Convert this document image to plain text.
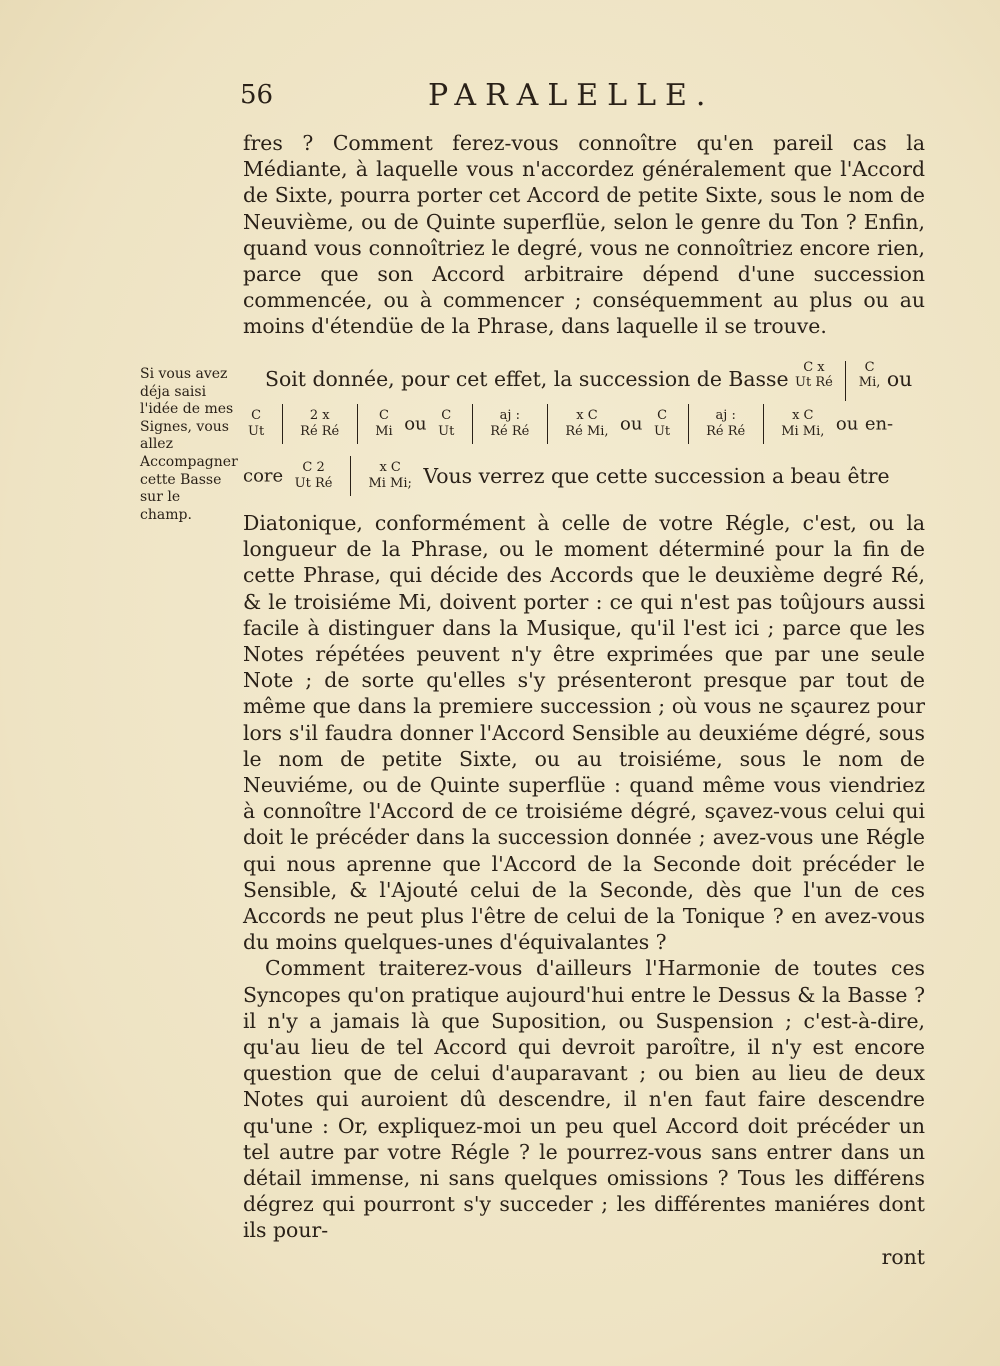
56	PARALELLE.

fres ? Comment ferez-vous connoître qu'en pareil cas la Médiante, à laquelle vous n'accordez généralement que l'Accord de Sixte, pourra porter cet Accord de petite Sixte, sous le nom de Neuvième, ou de Quinte superflüe, selon le genre du Ton ? Enfin, quand vous connoîtriez le degré, vous ne connoîtriez encore rien, parce que son Accord arbitraire dépend d'une succession commencée, ou à commencer ; conséquemment au plus ou au moins d'étendüe de la Phrase, dans laquelle il se trouve.

Soit donnée, pour cet effet, la succession de Basse C x
Ut Ré  C
Mi, ou
C
Ut  2 x
Ré Ré  C
Mi ou C
Ut  aj :
Ré Ré  x C
Ré Mi, ou C
Ut  aj :
Ré Ré  x C
Mi Mi, ou en-
core C 2
Ut Ré  x C
Mi Mi; Vous verrez que cette succession a beau être

Diatonique, conformément à celle de votre Régle, c'est, ou la longueur de la Phrase, ou le moment déterminé pour la fin de cette Phrase, qui décide des Accords que le deuxième degré Ré, & le troisiéme Mi, doivent porter : ce qui n'est pas toûjours aussi facile à distinguer dans la Musique, qu'il l'est ici ; parce que les Notes répétées peuvent n'y être exprimées que par une seule Note ; de sorte qu'elles s'y présenteront presque par tout de même que dans la premiere succession ; où vous ne sçaurez pour lors s'il faudra donner l'Accord Sensible au deuxiéme dégré, sous le nom de petite Sixte, ou au troisiéme, sous le nom de Neuviéme, ou de Quinte superflüe : quand même vous viendriez à connoître l'Accord de ce troisiéme dégré, sçavez-vous celui qui doit le précéder dans la succession donnée ; avez-vous une Régle qui nous aprenne que l'Accord de la Seconde doit précéder le Sensible, & l'Ajouté celui de la Seconde, dès que l'un de ces Accords ne peut plus l'être de celui de la Tonique ? en avez-vous du moins quelques-unes d'équivalantes ?

Comment traiterez-vous d'ailleurs l'Harmonie de toutes ces Syncopes qu'on pratique aujourd'hui entre le Dessus & la Basse ? il n'y a jamais là que Suposition, ou Suspension ; c'est-à-dire, qu'au lieu de tel Accord qui devroit paroître, il n'y est encore question que de celui d'auparavant ; ou bien au lieu de deux Notes qui auroient dû descendre, il n'en faut faire descendre qu'une : Or, expliquez-moi un peu quel Accord doit précéder un tel autre par votre Régle ? le pourrez-vous sans entrer dans un détail immense, ni sans quelques omissions ? Tous les différens dégrez qui pourront s'y succeder ; les différentes maniéres dont ils pour-

ront

Si vous avez déja saisi l'idée de mes Signes, vous allez Accompagner cette Basse sur le champ.
